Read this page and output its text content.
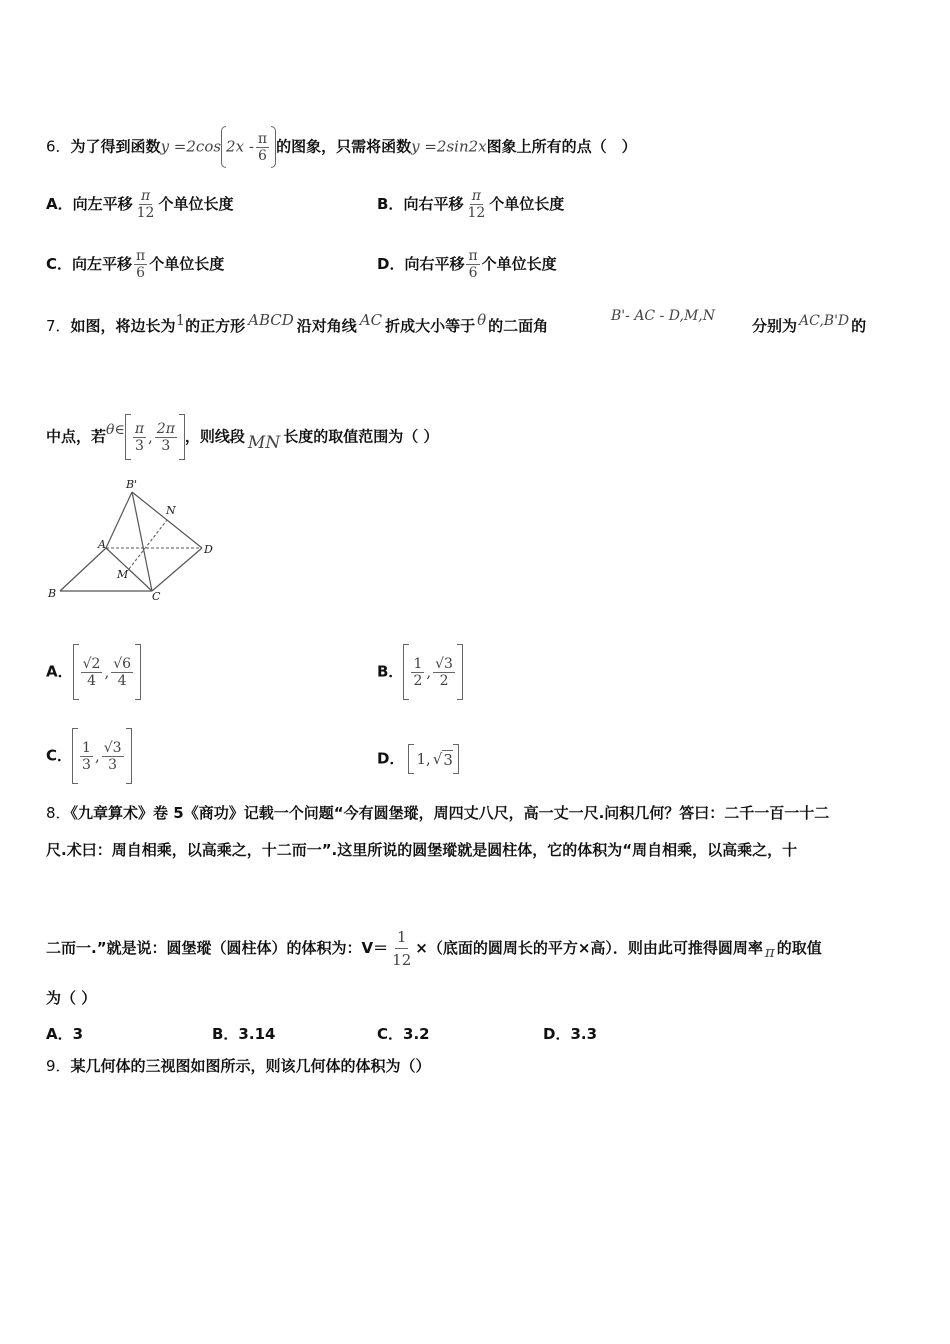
6．为了得到函数y =2cos $2x - \frac{\pi}{6}$ 的图象，只需将函数y =2sin2x图象上所有的点（　）
A．向左平移 $\frac{\pi}{12}$ 个单位长度	B．向右平移 $\frac{\pi}{12}$ 个单位长度
C．向左平移 $\frac{\pi}{6}$ 个单位长度	D．向右平移 $\frac{\pi}{6}$ 个单位长度
7．如图，将边长为1的正方形 ABCD 沿对角线 AC 折成大小等于 θ 的二面角
B'- AC - D,M,N
分别为 AC,B'D 的
中点，若θ∈ $\frac{\pi}{3}$ , $\frac{2\pi}{3}$ ，则线段 MN 长度的取值范围为（ ）
B'
N
A	D
M
B	C
A． $\frac{√2}{4}$ , $\frac{√6}{4}$	B． $\frac{1}{2}$ , $\frac{√3}{2}$
C． $\frac{1}{3}$ , $\frac{√3}{3}$	D． 1, √ 3
8．《九章算术》卷 5《商功》记载一个问题“今有圆堡瑽，周四丈八尺，高一丈一尺.问积几何？答曰：二千一百一十二
尺.术曰：周自相乘，以高乘之，十二而一”.这里所说的圆堡瑽就是圆柱体，它的体积为“周自相乘，以高乘之，十
二而一.”就是说：圆堡瑽（圆柱体）的体积为：$V= \frac{1}{12}$ ×（底面的圆周长的平方×高）．则由此可推得圆周率 π 的取值
为（ ）
A．3	B．3.14	C．3.2	D．3.3
9．某几何体的三视图如图所示，则该几何体的体积为（）
